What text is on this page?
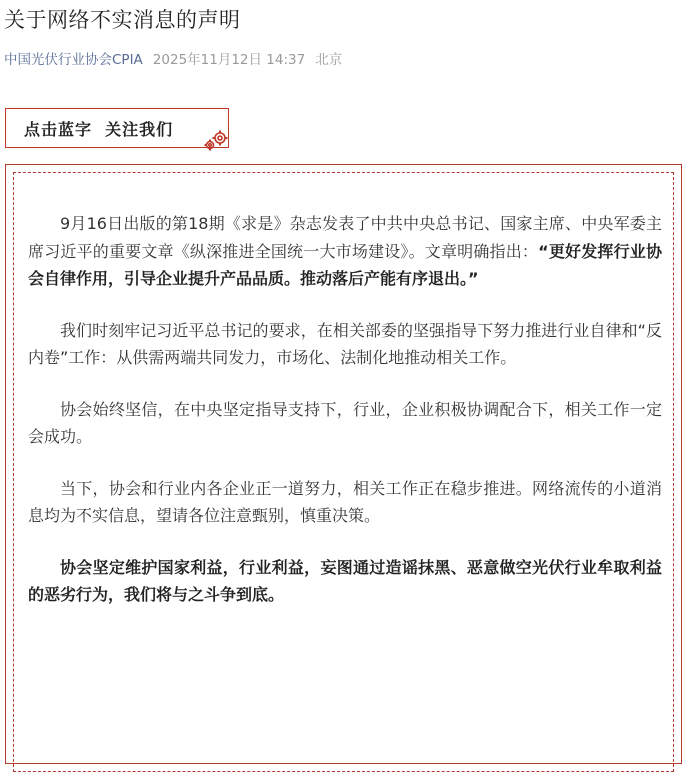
关于网络不实消息的声明
中国光伏行业协会CPIA 2025年11月12日 14:37 北京
点击蓝字  关注我们

9月16日出版的第18期《求是》杂志发表了中共中央总书记、国家主席、中央军委主席习近平的重要文章《纵深推进全国统一大市场建设》。文章明确指出：“更好发挥行业协会自律作用，引导企业提升产品品质。推动落后产能有序退出。”

我们时刻牢记习近平总书记的要求，在相关部委的坚强指导下努力推进行业自律和“反内卷”工作：从供需两端共同发力，市场化、法制化地推动相关工作。

协会始终坚信，在中央坚定指导支持下，行业，企业积极协调配合下，相关工作一定会成功。

当下，协会和行业内各企业正一道努力，相关工作正在稳步推进。网络流传的小道消息均为不实信息，望请各位注意甄别，慎重决策。

协会坚定维护国家利益，行业利益，妄图通过造谣抹黑、恶意做空光伏行业牟取利益的恶劣行为，我们将与之斗争到底。
